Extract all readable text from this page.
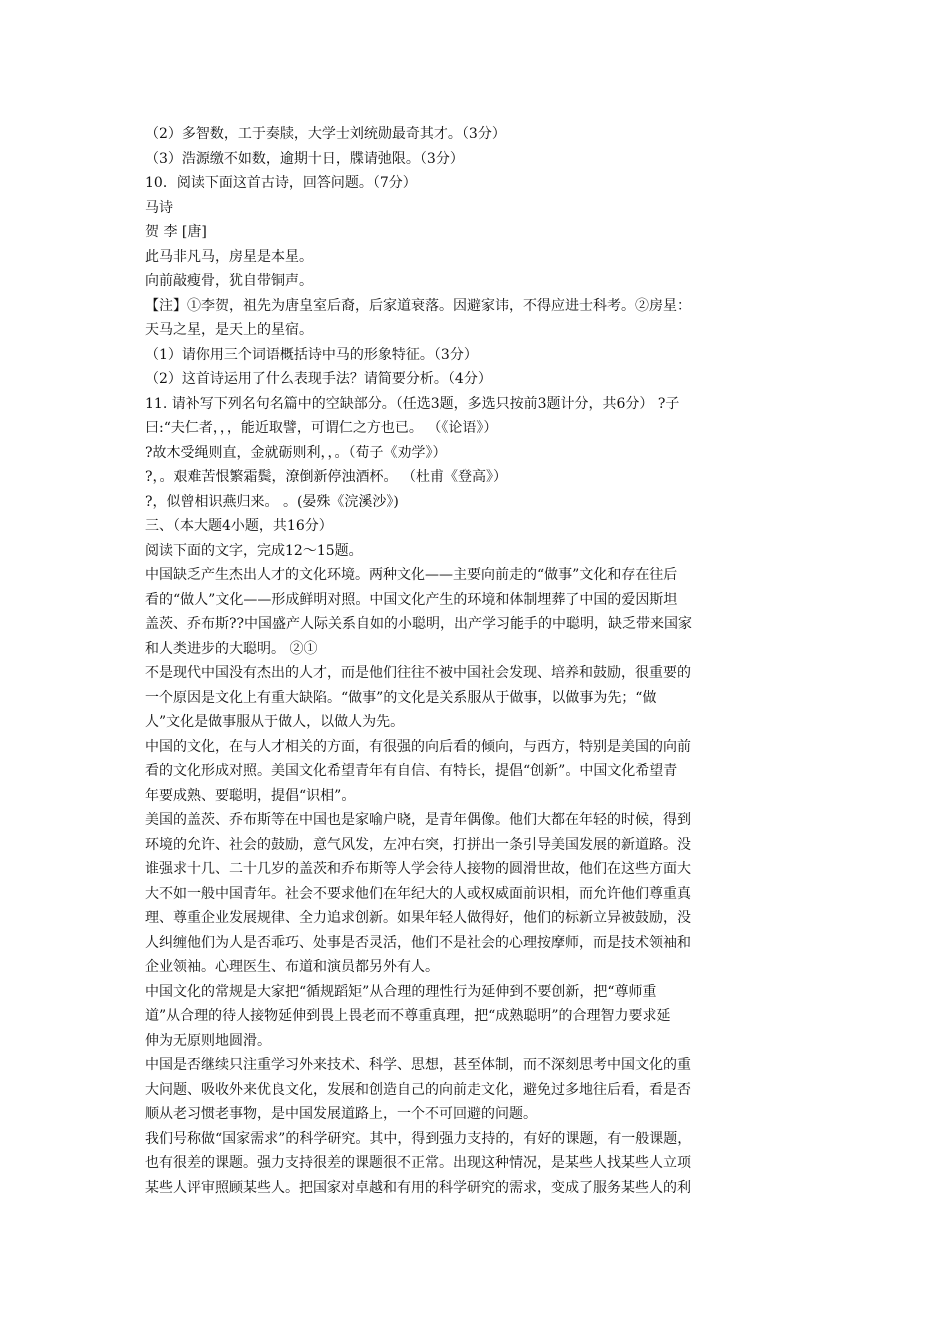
（2）多智数，工于奏牍，大学士刘统勋最奇其才。（3分）
（3）浩源缴不如数，逾期十日，牒请弛限。（3分）
10．阅读下面这首古诗，回答问题。（7分）
马诗
贺 李 [唐]
此马非凡马，房星是本星。
向前敲瘦骨，犹自带铜声。
【注】①李贺，祖先为唐皇室后裔，后家道衰落。因避家讳，不得应进士科考。②房星：
天马之星，是天上的星宿。
（1）请你用三个词语概括诗中马的形象特征。（3分）
（2）这首诗运用了什么表现手法？请简要分析。（4分）
11. 请补写下列名句名篇中的空缺部分。（任选3题，多选只按前3题计分，共6分） ?子
曰:“夫仁者，，，能近取譬，可谓仁之方也已。 （《论语》）
?故木受绳则直，金就砺则利，，。（荀子《劝学》）
?，。艰难苦恨繁霜鬓，潦倒新停浊酒杯。 （杜甫《登高》）
?，似曾相识燕归来。 。(晏殊《浣溪沙》)
三、（本大题4小题，共16分）
阅读下面的文字，完成12～15题。
中国缺乏产生杰出人才的文化环境。两种文化——主要向前走的“做事”文化和存在往后
看的“做人”文化——形成鲜明对照。中国文化产生的环境和体制埋葬了中国的爱因斯坦
盖茨、乔布斯??中国盛产人际关系自如的小聪明，出产学习能手的中聪明，缺乏带来国家
和人类进步的大聪明。 ②①
不是现代中国没有杰出的人才，而是他们往往不被中国社会发现、培养和鼓励，很重要的
一个原因是文化上有重大缺陷。“做事”的文化是关系服从于做事，以做事为先；“做
人”文化是做事服从于做人，以做人为先。
中国的文化，在与人才相关的方面，有很强的向后看的倾向，与西方，特别是美国的向前
看的文化形成对照。美国文化希望青年有自信、有特长，提倡“创新”。中国文化希望青
年要成熟、要聪明，提倡“识相”。
美国的盖茨、乔布斯等在中国也是家喻户晓，是青年偶像。他们大都在年轻的时候，得到
环境的允许、社会的鼓励，意气风发，左冲右突，打拼出一条引导美国发展的新道路。没
谁强求十几、二十几岁的盖茨和乔布斯等人学会待人接物的圆滑世故，他们在这些方面大
大不如一般中国青年。社会不要求他们在年纪大的人或权威面前识相，而允许他们尊重真
理、尊重企业发展规律、全力追求创新。如果年轻人做得好，他们的标新立异被鼓励，没
人纠缠他们为人是否乖巧、处事是否灵活，他们不是社会的心理按摩师，而是技术领袖和
企业领袖。心理医生、布道和演员都另外有人。
中国文化的常规是大家把“循规蹈矩”从合理的理性行为延伸到不要创新，把“尊师重
道”从合理的待人接物延伸到畏上畏老而不尊重真理，把“成熟聪明”的合理智力要求延
伸为无原则地圆滑。
中国是否继续只注重学习外来技术、科学、思想，甚至体制，而不深刻思考中国文化的重
大问题、吸收外来优良文化，发展和创造自己的向前走文化，避免过多地往后看，看是否
顺从老习惯老事物，是中国发展道路上，一个不可回避的问题。
我们号称做“国家需求”的科学研究。其中，得到强力支持的，有好的课题，有一般课题，
也有很差的课题。强力支持很差的课题很不正常。出现这种情况，是某些人找某些人立项
某些人评审照顾某些人。把国家对卓越和有用的科学研究的需求，变成了服务某些人的利
